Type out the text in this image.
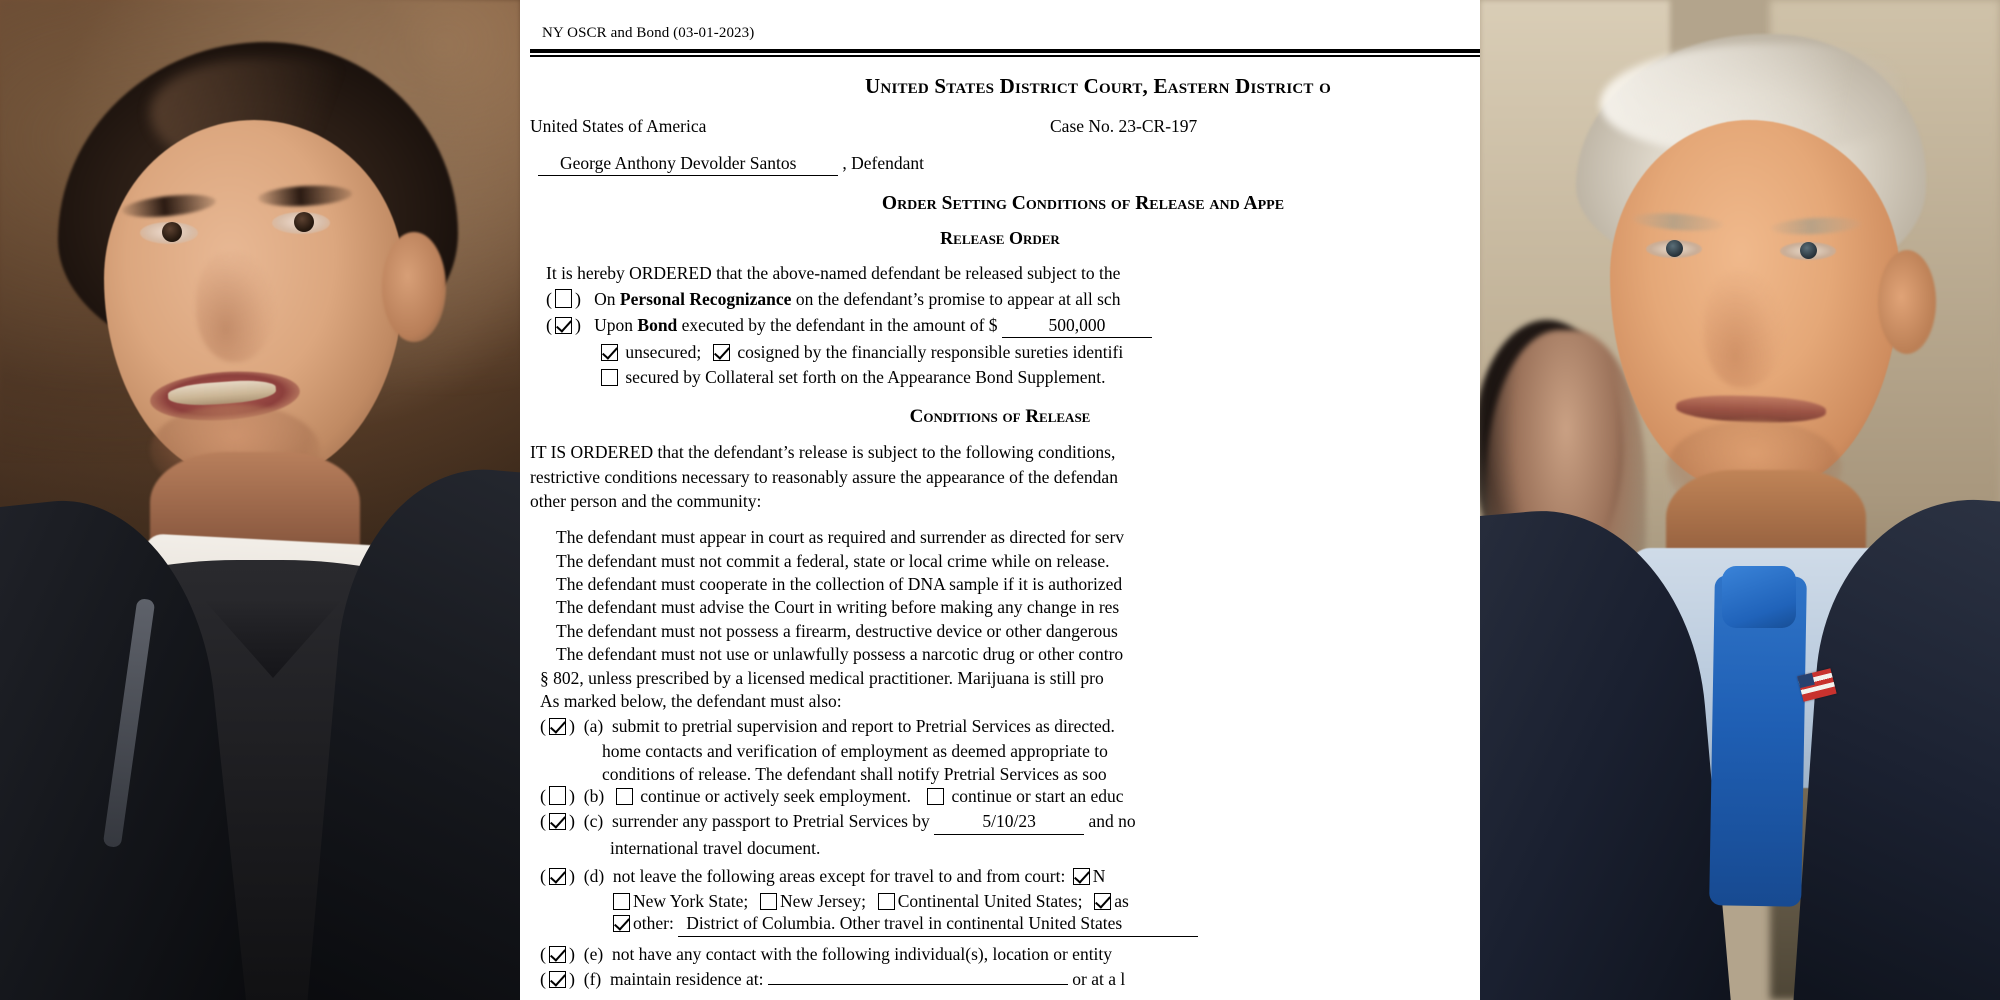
NY OSCR and Bond (03-01-2023)
United States District Court, Eastern District o
United States of America	Case No. 23-CR-197
George Anthony Devolder Santos	, Defendant
Order Setting Conditions of Release and Appe
Release Order
It is hereby ORDERED that the above-named defendant be released subject to the
( ) On Personal Recognizance on the defendant’s promise to appear at all sch
( ) Upon Bond executed by the defendant in the amount of $	500,000
unsecured; cosigned by the financially responsible sureties identifi
secured by Collateral set forth on the Appearance Bond Supplement.
Conditions of Release
IT IS ORDERED that the defendant’s release is subject to the following conditions,
restrictive conditions necessary to reasonably assure the appearance of the defendan
other person and the community:
The defendant must appear in court as required and surrender as directed for serv
The defendant must not commit a federal, state or local crime while on release.
The defendant must cooperate in the collection of DNA sample if it is authorized
The defendant must advise the Court in writing before making any change in res
The defendant must not possess a firearm, destructive device or other dangerous
The defendant must not use or unlawfully possess a narcotic drug or other contro
§ 802, unless prescribed by a licensed medical practitioner. Marijuana is still pro
As marked below, the defendant must also:
( ) (a) submit to pretrial supervision and report to Pretrial Services as directed.
home contacts and verification of employment as deemed appropriate to
conditions of release. The defendant shall notify Pretrial Services as soo
( ) (b) continue or actively seek employment. continue or start an educ
( ) (c) surrender any passport to Pretrial Services by	5/10/23	and no
international travel document.
( ) (d) not leave the following areas except for travel to and from court: N
New York State; New Jersey; Continental United States; as
other: District of Columbia. Other travel in continental United States
( ) (e) not have any contact with the following individual(s), location or entity
( ) (f) maintain residence at:	or at a l
